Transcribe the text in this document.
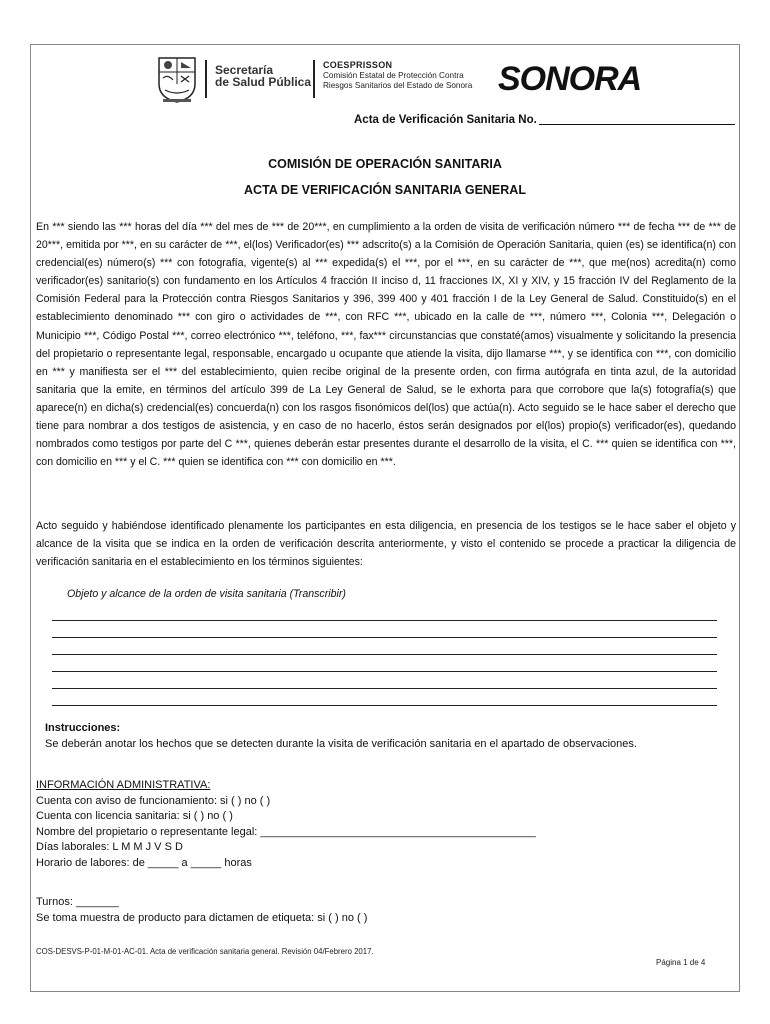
Secretaría
de Salud Pública
COESPRISSON
Comisión Estatal de Protección Contra
Riesgos Sanitarios del Estado de Sonora SONORA
Acta de Verificación Sanitaria No.
COMISIÓN DE OPERACIÓN SANITARIA
ACTA DE VERIFICACIÓN SANITARIA GENERAL
En *** siendo las *** horas del día *** del mes de *** de 20***, en cumplimiento a la orden de visita de verificación número *** de fecha *** de *** de 20***, emitida por ***, en su carácter de ***, el(los) Verificador(es) *** adscrito(s) a la Comisión de Operación Sanitaria, quien (es) se identifica(n) con credencial(es) número(s) *** con fotografía, vigente(s) al *** expedida(s) el ***, por el ***, en su carácter de ***, que me(nos) acredita(n) como verificador(es) sanitario(s) con fundamento en los Artículos 4 fracción II inciso d, 11 fracciones IX, XI y XIV, y 15 fracción IV del Reglamento de la Comisión Federal para la Protección contra Riesgos Sanitarios y 396, 399 400 y 401 fracción I de la Ley General de Salud. Constituido(s) en el establecimiento denominado *** con giro o actividades de ***, con RFC ***, ubicado en la calle de ***, número ***, Colonia ***, Delegación o Municipio ***, Código Postal ***, correo electrónico ***, teléfono, ***, fax*** circunstancias que constaté(amos) visualmente y solicitando la presencia del propietario o representante legal, responsable, encargado u ocupante que atiende la visita, dijo llamarse ***, y se identifica con ***, con domicilio en *** y manifiesta ser el *** del establecimiento, quien recibe original de la presente orden, con firma autógrafa en tinta azul, de la autoridad sanitaria que la emite, en términos del artículo 399 de La Ley General de Salud, se le exhorta para que corrobore que la(s) fotografía(s) que aparece(n) en dicha(s) credencial(es) concuerda(n) con los rasgos fisonómicos del(los) que actúa(n). Acto seguido se le hace saber el derecho que tiene para nombrar a dos testigos de asistencia, y en caso de no hacerlo, éstos serán designados por el(los) propio(s) verificador(es), quedando nombrados como testigos por parte del C ***, quienes deberán estar presentes durante el desarrollo de la visita, el C. *** quien se identifica con ***, con domicilio en *** y el C. *** quien se identifica con *** con domicilio en ***.
Acto seguido y habiéndose identificado plenamente los participantes en esta diligencia, en presencia de los testigos se le hace saber el objeto y alcance de la visita que se indica en la orden de verificación descrita anteriormente, y visto el contenido se procede a practicar la diligencia de verificación sanitaria en el establecimiento en los términos siguientes:
Objeto y alcance de la orden de visita sanitaria (Transcribir)
Instrucciones:
Se deberán anotar los hechos que se detecten durante la visita de verificación sanitaria en el apartado de observaciones.
INFORMACIÓN ADMINISTRATIVA:
Cuenta con aviso de funcionamiento: si ( ) no ( )
Cuenta con licencia sanitaria: si ( ) no ( )
Nombre del propietario o representante legal: _____________________________________________
Días laborales: L M M J V S D
Horario de labores: de _____ a _____ horas
Turnos: _______
Se toma muestra de producto para dictamen de etiqueta: si ( ) no ( )
COS-DESVS-P-01-M-01-AC-01. Acta de verificación sanitaria general. Revisión 04/Febrero 2017.
Página 1 de 4
